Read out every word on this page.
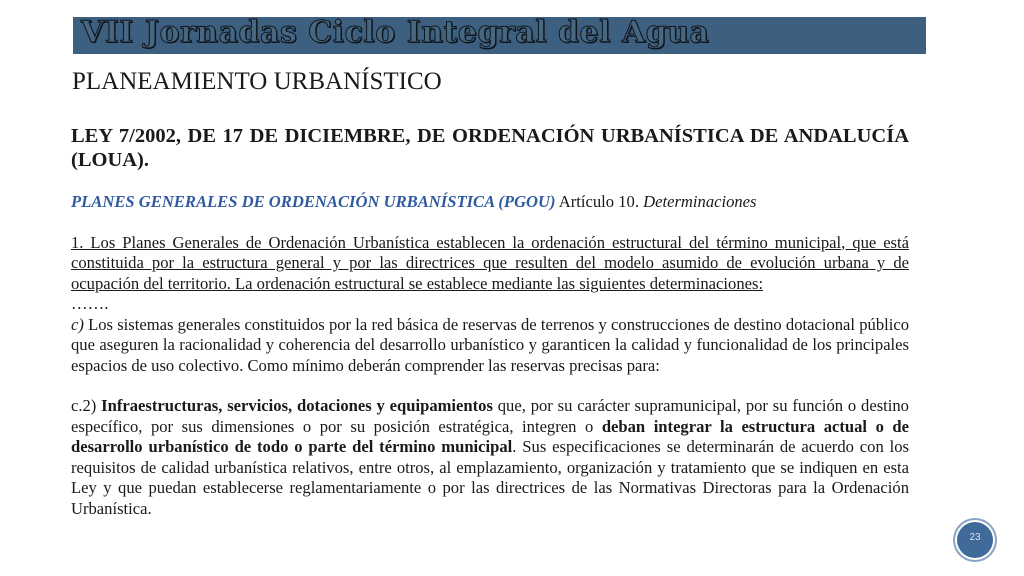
VII Jornadas Ciclo Integral del Agua
PLANEAMIENTO URBANÍSTICO

LEY 7/2002, DE 17 DE DICIEMBRE, DE ORDENACIÓN URBANÍSTICA DE ANDALUCÍA (LOUA).

PLANES GENERALES DE ORDENACIÓN URBANÍSTICA (PGOU) Artículo 10. Determinaciones

1. Los Planes Generales de Ordenación Urbanística establecen la ordenación estructural del término municipal, que está constituida por la estructura general y por las directrices que resulten del modelo asumido de evolución urbana y de ocupación del territorio. La ordenación estructural se establece mediante las siguientes determinaciones:

…….

c) Los sistemas generales constituidos por la red básica de reservas de terrenos y construcciones de destino dotacional público que aseguren la racionalidad y coherencia del desarrollo urbanístico y garanticen la calidad y funcionalidad de los principales espacios de uso colectivo. Como mínimo deberán comprender las reservas precisas para:

c.2) Infraestructuras, servicios, dotaciones y equipamientos que, por su carácter supramunicipal, por su función o destino específico, por sus dimensiones o por su posición estratégica, integren o deban integrar la estructura actual o de desarrollo urbanístico de todo o parte del término municipal. Sus especificaciones se determinarán de acuerdo con los requisitos de calidad urbanística relativos, entre otros, al emplazamiento, organización y tratamiento que se indiquen en esta Ley y que puedan establecerse reglamentariamente o por las directrices de las Normativas Directoras para la Ordenación Urbanística.

23
